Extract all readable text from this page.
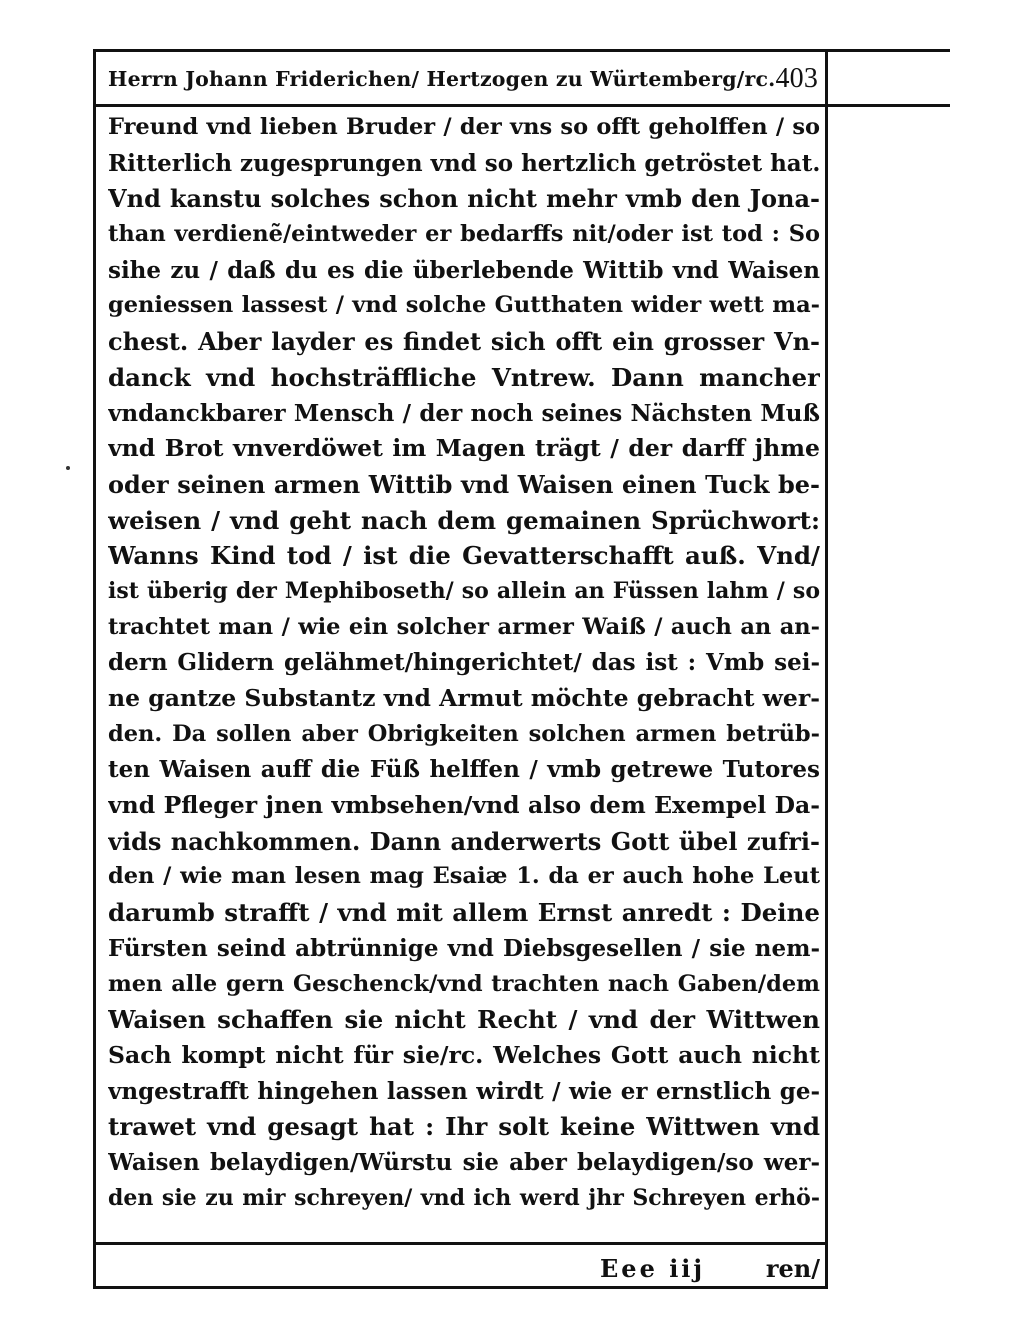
Herrn Johann Friderichen/ Hertzogen zu Würtemberg/rc. 403
Freund vnd lieben Bruder / der vns so offt geholffen / so
Ritterlich zugesprungen vnd so hertzlich getröstet hat.
Vnd kanstu solches schon nicht mehr vmb den Jona-
than verdienẽ/eintweder er bedarffs nit/oder ist tod : So
sihe zu / daß du es die überlebende Wittib vnd Waisen
geniessen lassest / vnd solche Gutthaten wider wett ma-
chest. Aber layder es findet sich offt ein grosser Vn-
danck vnd hochsträffliche Vntrew. Dann mancher
vndanckbarer Mensch / der noch seines Nächsten Muß
vnd Brot vnverdöwet im Magen trägt / der darff jhme
oder seinen armen Wittib vnd Waisen einen Tuck be-
weisen / vnd geht nach dem gemainen Sprüchwort:
Wanns Kind tod / ist die Gevatterschafft auß. Vnd/
ist überig der Mephiboseth/ so allein an Füssen lahm / so
trachtet man / wie ein solcher armer Waiß / auch an an-
dern Glidern gelähmet/hingerichtet/ das ist : Vmb sei-
ne gantze Substantz vnd Armut möchte gebracht wer-
den. Da sollen aber Obrigkeiten solchen armen betrüb-
ten Waisen auff die Füß helffen / vmb getrewe Tutores
vnd Pfleger jnen vmbsehen/vnd also dem Exempel Da-
vids nachkommen. Dann anderwerts Gott übel zufri-
den / wie man lesen mag Esaiæ 1. da er auch hohe Leut
darumb strafft / vnd mit allem Ernst anredt : Deine
Fürsten seind abtrünnige vnd Diebsgesellen / sie nem-
men alle gern Geschenck/vnd trachten nach Gaben/dem
Waisen schaffen sie nicht Recht / vnd der Wittwen
Sach kompt nicht für sie/rc. Welches Gott auch nicht
vngestrafft hingehen lassen wirdt / wie er ernstlich ge-
trawet vnd gesagt hat : Ihr solt keine Wittwen vnd
Waisen belaydigen/Würstu sie aber belaydigen/so wer-
den sie zu mir schreyen/ vnd ich werd jhr Schreyen erhö-
Eee iij	ren/
